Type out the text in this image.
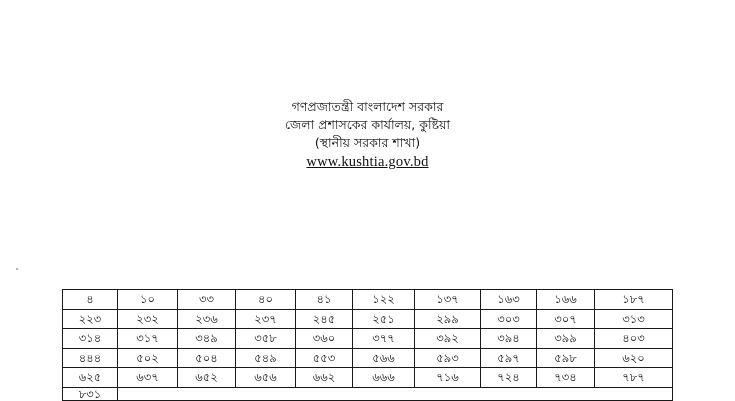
গণপ্রজাতন্ত্রী বাংলাদেশ সরকার
জেলা প্রশাসকের কার্যালয়, কুষ্টিয়া
(স্থানীয় সরকার শাখা)
www.kushtia.gov.bd
৪	১০	৩৩	৪০	৪১	১২২	১৩৭	১৬৩	১৬৬	১৮৭
২২৩	২৩২	২৩৬	২৩৭	২৪৫	২৫১	২৯৯	৩০৩	৩০৭	৩১৩
৩১৪	৩১৭	৩৪৯	৩৫৮	৩৬০	৩৭৭	৩৯২	৩৯৪	৩৯৯	৪০৩
৪৪৪	৫০২	৫০৪	৫৪৯	৫৫৩	৫৬৬	৫৯৩	৫৯৭	৫৯৮	৬২০
৬২৫	৬৩৭	৬৫২	৬৫৬	৬৬২	৬৬৬	৭১৬	৭২৪	৭৩৪	৭৮৭
৮৩১									
